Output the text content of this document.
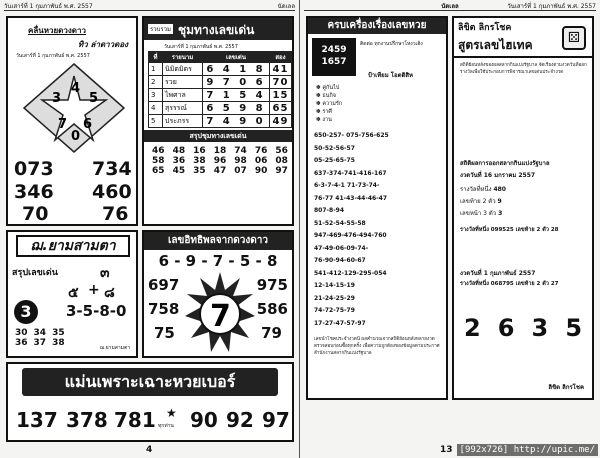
วันเสาร์ที่ 1 กุมภาพันธ์ พ.ศ. 2557	นัดเลล
คลื่นหวยดวงดาว
ทิว ล่าดาวดอง
วันเสาร์ที่ 1 กุมภาพันธ์ พ.ศ. 2557
3
4
5
7
0
6
073 734
346 460
70	76
รวบรวม ชุมทางเลขเด่น
วันเสาร์ที่ 1 กุมภาพันธ์ พ.ศ. 2557
ที่	รายนาม	เลขเด่น	สอง
1	นิมิตมิตร	6 4 1 8	41
2	รวย	9 7 0 6	70
3	ไพศาล	7 1 5 4	15
4	สุรรรณ์	6 5 9 8	65
5	ประภรร	7 4 9 0	49
สรุปชุมทางเลขเด่น
46	48	16	18	74	76	56
58	36	38	96	98	06	08
65	45	35	47	07	90	97
ฌ.ยามสามตา
สรุปเลขเด่น	๓
๕ + ๘
3	3-5-8-0
30	34	35
36	37	38	ฌ.ยามสามตา
เลขอิทธิพลจากดวงดาว
6 - 9 - 7 - 5 - 8
697
758
75
975
586
79
7
แม่นเพราะเฉาะหวยเบอร์
137 378 781 ★
ทุกท่าน 90 92 97
4
นัดเลล	วันเสาร์ที่ 1 กุมภาพันธ์ พ.ศ. 2557
ครบเครื่องเรื่องเลขหวย
2459 1657
ติดต่อ ทุกงานปรึกษาโหงวเฮ้ง
ป้าเทียม โอตติสิห
✽ คู่กันไป
✽ ธนกิจ
✽ ความรัก
✽ ราศี
✽ งาน
650-257- 075-756-625
50-52-56-57
05-25-65-75
637-374-741-416-167
6-3-7-4-1 71-73-74-
76-77 41-43-44-46-47
807-8-94
51-52-54-55-58
947-469-476-494-760
47-49-06-09-74-
76-90-94-60-67
541-412-129-295-054
12-14-15-19
21-24-25-29
74-72-75-79
17-27-47-57-97
เลขนำโชคประจำงวดนี้ ผลคำนวณจากสถิติย้อนหลังหลายงวด ตรวจสอบก่อนซื้อทุกครั้ง เพื่อความถูกต้องของข้อมูลตามประกาศสำนักงานสลากกินแบ่งรัฐบาล
ลิขิต ลิกรโชค
สูตรเลขไฮเทค	⚄
สถิติย้อนหลังของผลสลากกินแบ่งรัฐบาล จัดเรียงตามงวดวันที่ออกรางวัลเพื่อใช้ประกอบการพิจารณาเลขเด่นประจำงวด
สถิติผลการออกสลากกินแบ่งรัฐบาล
งวดวันที่ 16 มกราคม 2557
รางวัลที่หนึ่ง 480
เลขท้าย 2 ตัว 9
เลขหน้า 3 ตัว 3
รางวัลที่หนึ่ง 099525 เลขท้าย 2 ตัว 28
งวดวันที่ 1 กุมภาพันธ์ 2557
รางวัลที่หนึ่ง 068795 เลขท้าย 2 ตัว 27
2 6 3 5
ลิขิต ลิกรโชค
13 [992x726] http://upic.me/
